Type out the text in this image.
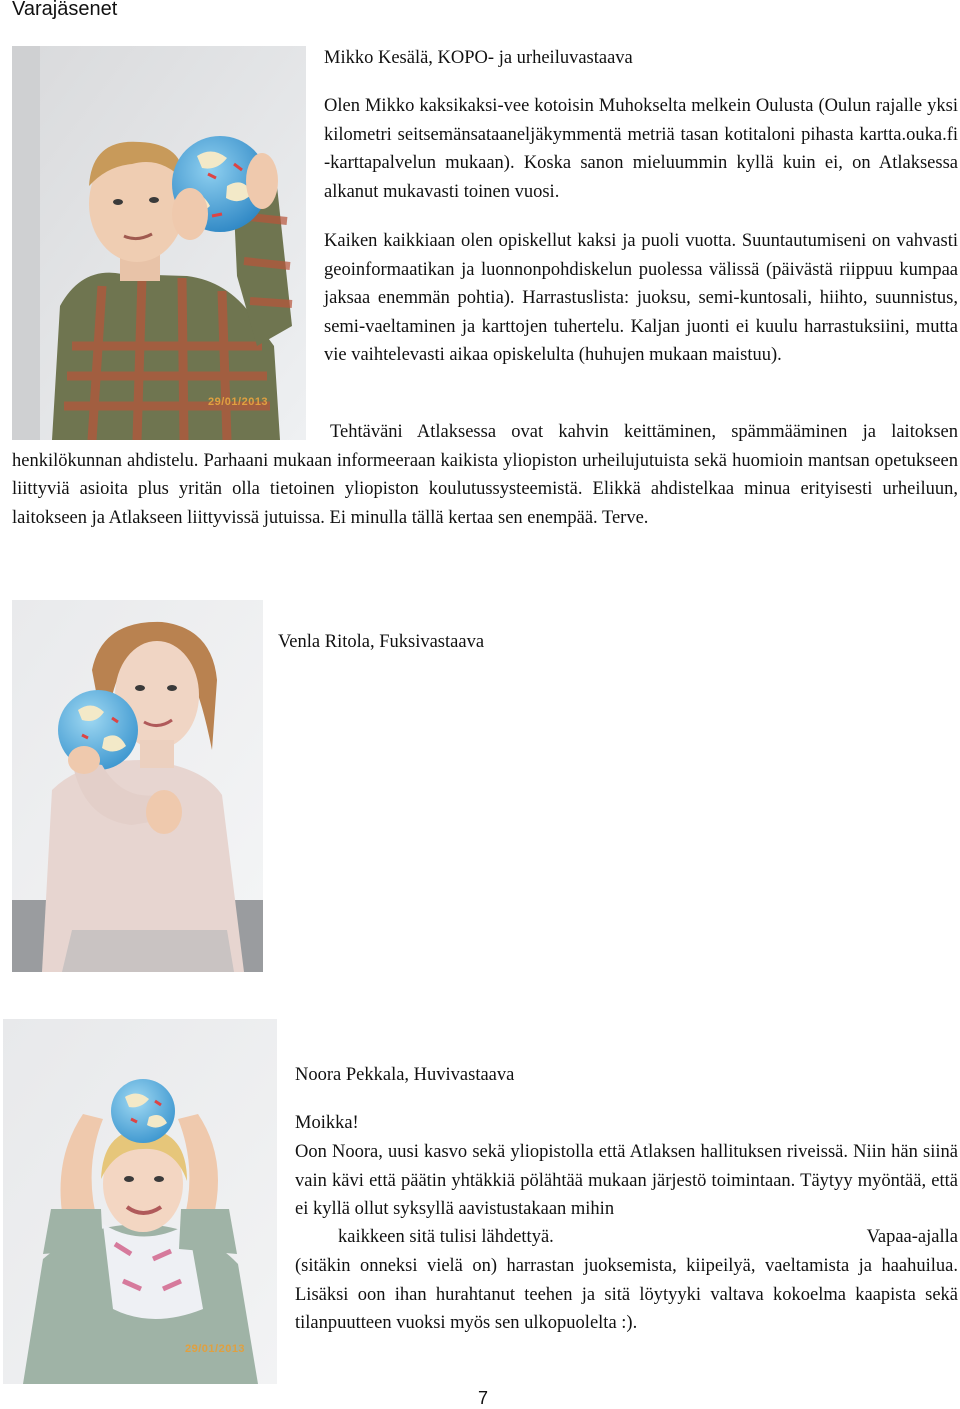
Varajäsenet
29/01/2013
Mikko Kesälä, KOPO- ja urheiluvastaava
Olen Mikko kaksikaksi-vee kotoisin Muhokselta melkein Oulusta (Oulun rajalle yksi kilometri seitsemänsataaneljäkymmentä metriä tasan kotitaloni pihasta kartta.ouka.fi -karttapalvelun mukaan). Koska sanon mieluummin kyllä kuin ei, on Atlaksessa alkanut mukavasti toinen vuosi.
Kaiken kaikkiaan olen opiskellut kaksi ja puoli vuotta. Suuntautumiseni on vahvasti geoinformaatikan ja luonnonpohdiskelun puolessa välissä (päivästä riippuu kumpaa jaksaa enemmän pohtia). Harrastuslista: juoksu, semi-kuntosali, hiihto, suunnistus, semi-vaeltaminen ja karttojen tuhertelu. Kaljan juonti ei kuulu harrastuksiini, mutta vie vaihtelevasti aikaa opiskelulta (huhujen mukaan maistuu).
Tehtäväni Atlaksessa ovat kahvin keittäminen, spämmääminen ja laitoksen henkilökunnan ahdistelu. Parhaani mukaan informeeraan kaikista yliopiston urheilujutuista sekä huomioin mantsan opetukseen liittyviä asioita plus yritän olla tietoinen yliopiston koulutussysteemistä. Elikkä ahdistelkaa minua erityisesti urheiluun, laitokseen ja Atlakseen liittyvissä jutuissa. Ei minulla tällä kertaa sen enempää. Terve.
Venla Ritola, Fuksivastaava
29/01/2013
Noora Pekkala, Huvivastaava
Moikka!
Oon Noora, uusi kasvo sekä yliopistolla että Atlaksen hallituksen riveissä. Niin hän siinä vain kävi että päätin yhtäkkiä pölähtää mukaan järjestö toimintaan. Täytyy myöntää, että ei kyllä ollut syksyllä aavistustakaan mihin
kaikkeen sitä tulisi lähdettyä.	Vapaa-ajalla
(sitäkin onneksi vielä on) harrastan juoksemista, kiipeilyä, vaeltamista ja haahuilua. Lisäksi oon ihan hurahtanut teehen ja sitä löytyyki valtava kokoelma kaapista sekä tilanpuutteen vuoksi myös sen ulkopuolelta :).
7
